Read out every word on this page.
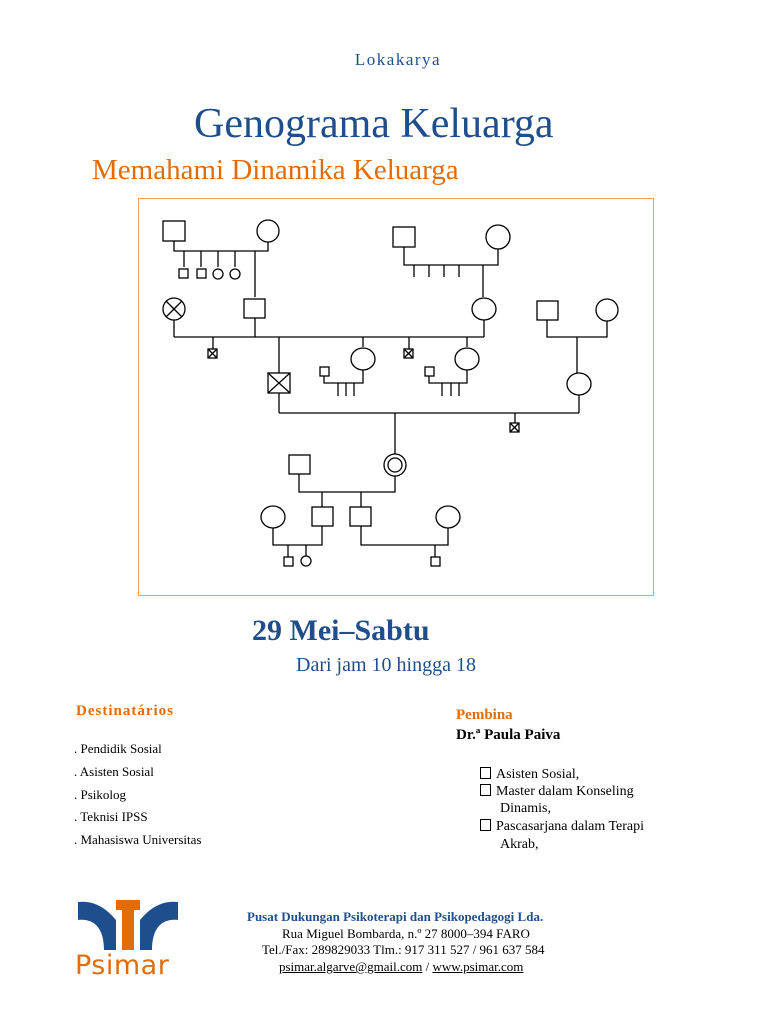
Lokakarya
Genograma Keluarga
Memahami Dinamika Keluarga
29 Mei–Sabtu
Dari jam 10 hingga 18
Destinatários
. Pendidik Sosial
. Asisten Sosial
. Psikolog
. Teknisi IPSS
. Mahasiswa Universitas
Pembina
Dr.ª Paula Paiva
Asisten Sosial,
Master dalam Konseling
Dinamis,
Pascasarjana dalam Terapi
Akrab,
Psimar
Pusat Dukungan Psikoterapi dan Psikopedagogi Lda.
Rua Miguel Bombarda, n.º 27 8000–394 FARO
Tel./Fax: 289829033 Tlm.: 917 311 527 / 961 637 584
psimar.algarve@gmail.com / www.psimar.com
